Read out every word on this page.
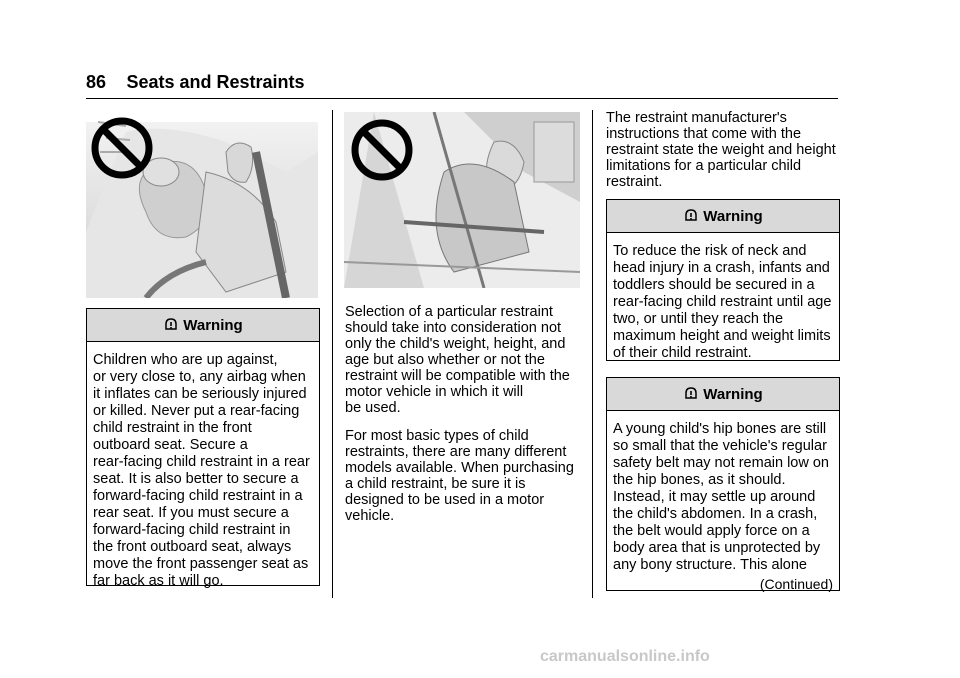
86 Seats and Restraints
Warning
Children who are up against,
or very close to, any airbag when
it inflates can be seriously injured
or killed. Never put a rear-facing
child restraint in the front
outboard seat. Secure a
rear-facing child restraint in a rear
seat. It is also better to secure a
forward-facing child restraint in a
rear seat. If you must secure a
forward-facing child restraint in
the front outboard seat, always
move the front passenger seat as
far back as it will go.

Selection of a particular restraint
should take into consideration not
only the child's weight, height, and
age but also whether or not the
restraint will be compatible with the
motor vehicle in which it will
be used.

For most basic types of child
restraints, there are many different
models available. When purchasing
a child restraint, be sure it is
designed to be used in a motor
vehicle.

The restraint manufacturer's
instructions that come with the
restraint state the weight and height
limitations for a particular child
restraint.

Warning
To reduce the risk of neck and
head injury in a crash, infants and
toddlers should be secured in a
rear-facing child restraint until age
two, or until they reach the
maximum height and weight limits
of their child restraint.
Warning
A young child's hip bones are still
so small that the vehicle's regular
safety belt may not remain low on
the hip bones, as it should.
Instead, it may settle up around
the child's abdomen. In a crash,
the belt would apply force on a
body area that is unprotected by
any bony structure. This alone
(Continued)
carmanualsonline.info
